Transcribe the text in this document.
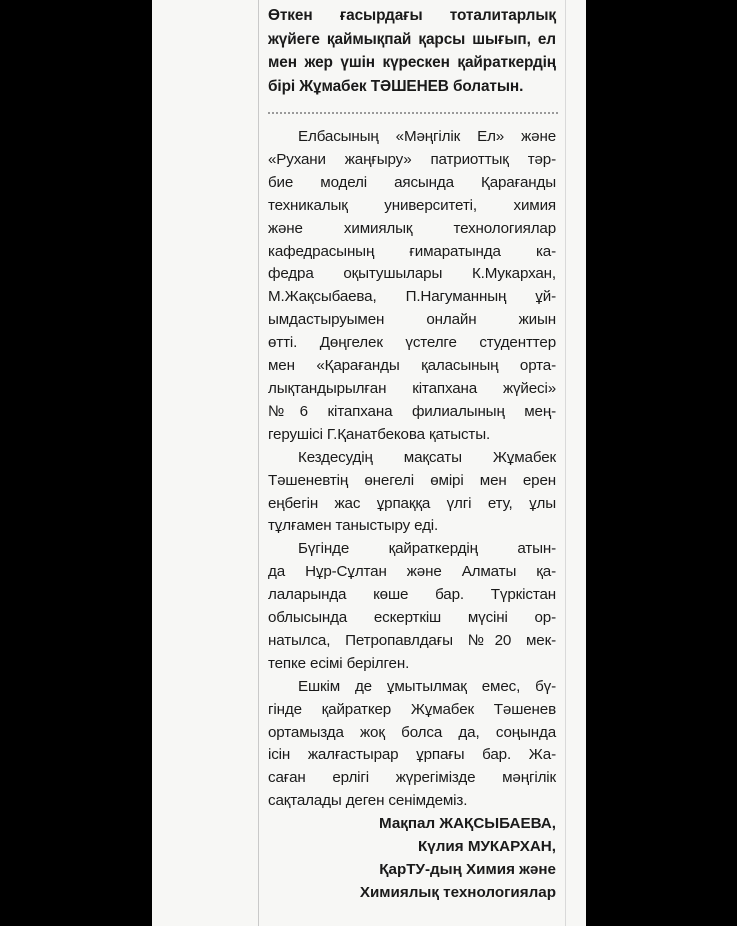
Өткен ғасырдағы тоталитарлық
жүйеге қаймықпай қарсы шығып, ел
мен жер үшін күрескен қайраткердің
бірі Жұмабек ТӘШЕНЕВ болатын.
Елбасының «Мәңгілік Ел» және
«Рухани жаңғыру» патриоттық тәр-
бие моделі аясында Қарағанды
техникалық университеті, химия
және химиялық технологиялар
кафедрасының ғимаратында ка-
федра оқытушылары К.Мукархан,
М.Жақсыбаева, П.Нагуманның ұй-
ымдастыруымен онлайн жиын
өтті. Дөңгелек үстелге студенттер
мен «Қарағанды қаласының орта-
лықтандырылған кітапхана жүйесі»
№6 кітапхана филиалының мең-
герушісі Г.Қанатбекова қатысты.
Кездесудің мақсаты Жұмабек
Тәшеневтің өнегелі өмірі мен ерен
еңбегін жас ұрпаққа үлгі ету, ұлы
тұлғамен таныстыру еді.
Бүгінде қайраткердің атын-
да Нұр-Сұлтан және Алматы қа-
лаларында көше бар. Түркістан
облысында ескерткіш мүсіні ор-
натылса, Петропавлдағы №20 мек-
тепке есімі берілген.
Ешкім де ұмытылмақ емес, бү-
гінде қайраткер Жұмабек Тәшенев
ортамызда жоқ болса да, соңында
ісін жалғастырар ұрпағы бар. Жа-
саған ерлігі жүрегімізде мәңгілік
сақталады деген сенімдеміз.
Мақпал ЖАҚСЫБАЕВА,
Күлия МУКАРХАН,
ҚарТУ-дың Химия және
Химиялық технологиялар
